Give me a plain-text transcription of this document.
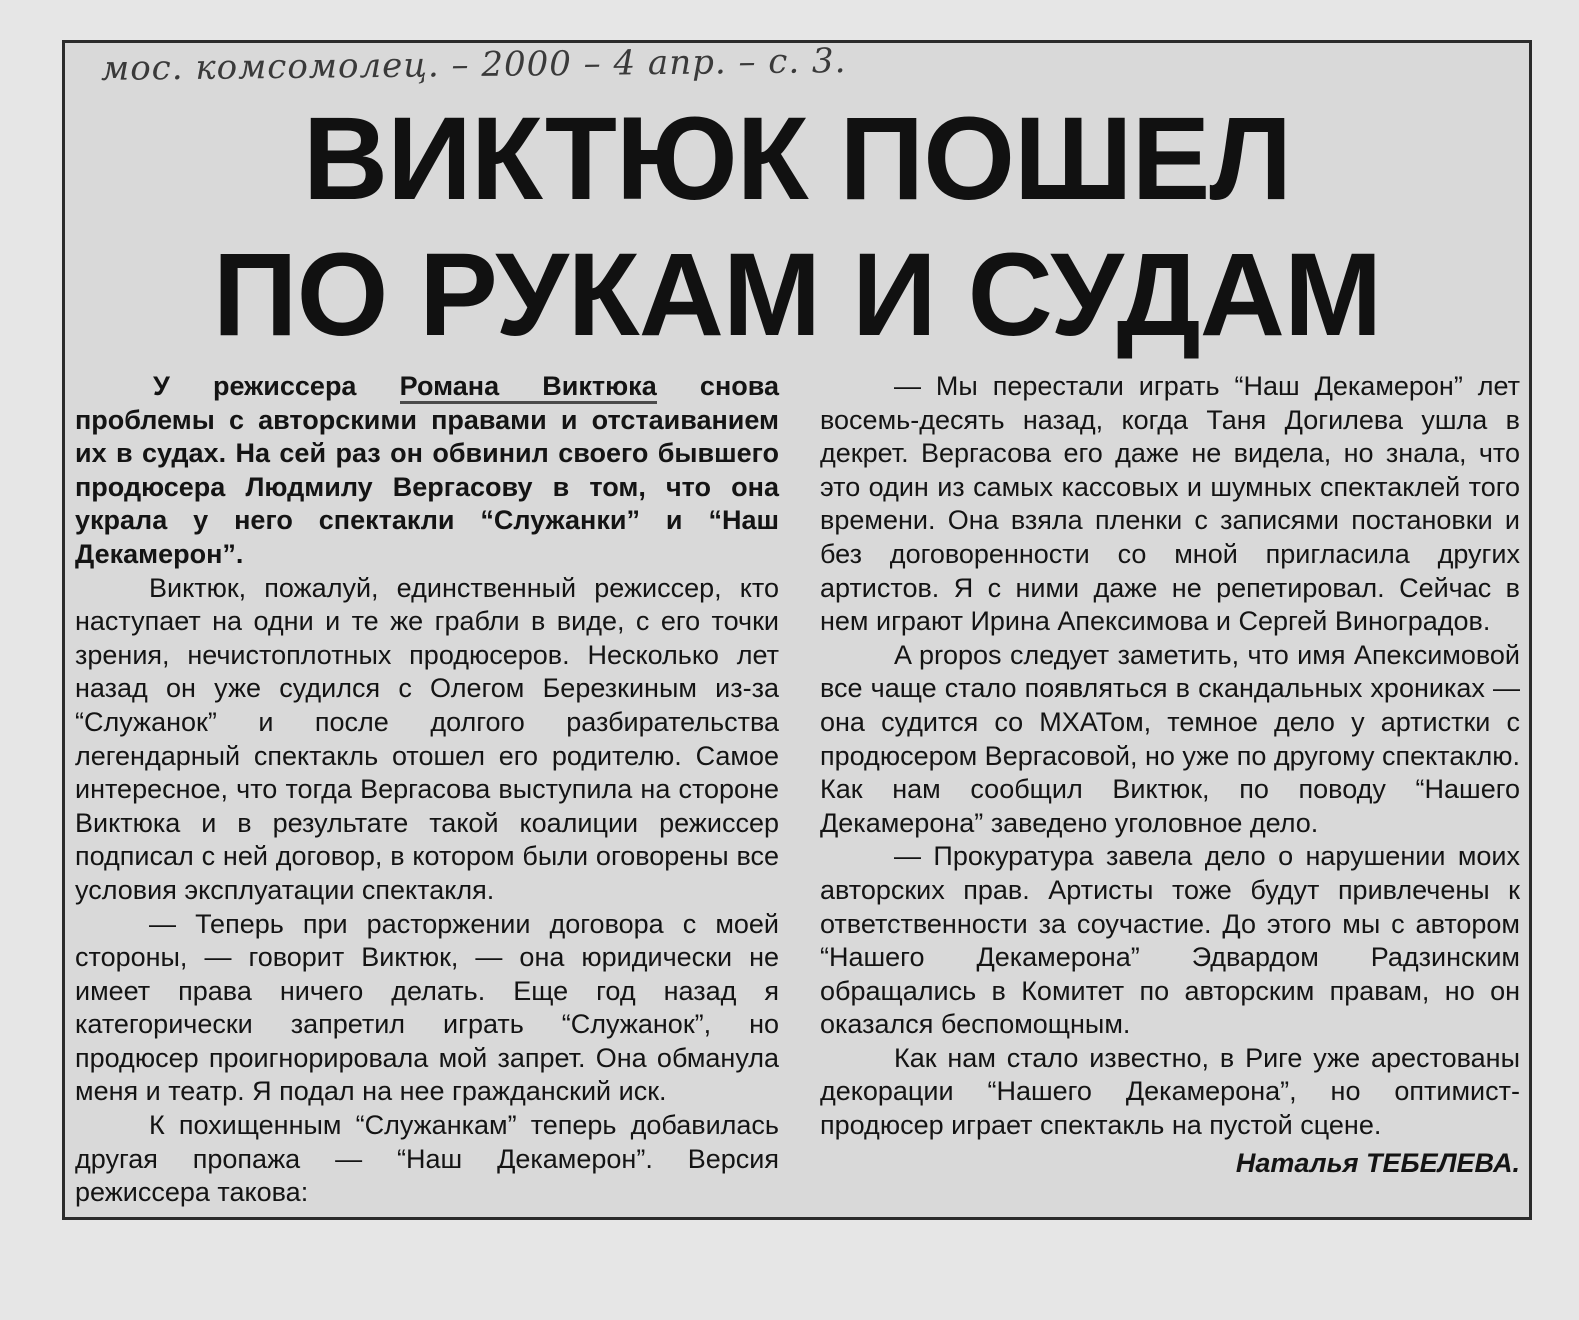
мос. комсомолец. – 2000 – 4 апр. – с. 3.
ВИКТЮК ПОШЕЛ
ПО РУКАМ И СУДАМ

У режиссера Романа Виктюка снова проблемы с авторскими правами и отстаиванием их в судах. На сей раз он обвинил своего бывшего продюсера Людмилу Вергасову в том, что она украла у него спектакли “Служанки” и “Наш Декамерон”.

Виктюк, пожалуй, единственный режиссер, кто наступает на одни и те же грабли в виде, с его точки зрения, нечистоплотных продюсеров. Несколько лет назад он уже судился с Олегом Березкиным из-за “Служанок” и после долгого разбирательства легендарный спектакль отошел его родителю. Самое интересное, что тогда Вергасова выступила на стороне Виктюка и в результате такой коалиции режиссер подписал с ней договор, в котором были оговорены все условия эксплуатации спектакля.

— Теперь при расторжении договора с моей стороны, — говорит Виктюк, — она юридически не имеет права ничего делать. Еще год назад я категорически запретил играть “Служанок”, но продюсер проигнорировала мой запрет. Она обманула меня и театр. Я подал на нее гражданский иск.

К похищенным “Служанкам” теперь добавилась другая пропажа — “Наш Декамерон”. Версия режиссера такова:

— Мы перестали играть “Наш Декамерон” лет восемь-десять назад, когда Таня Догилева ушла в декрет. Вергасова его даже не видела, но знала, что это один из самых кассовых и шумных спектаклей того времени. Она взяла пленки с записями постановки и без договоренности со мной пригласила других артистов. Я с ними даже не репетировал. Сейчас в нем играют Ирина Апексимова и Сергей Виноградов.

A propos следует заметить, что имя Апексимовой все чаще стало появляться в скандальных хрониках — она судится со МХАТом, темное дело у артистки с продюсером Вергасовой, но уже по другому спектаклю. Как нам сообщил Виктюк, по поводу “Нашего Декамерона” заведено уголовное дело.

— Прокуратура завела дело о нарушении моих авторских прав. Артисты тоже будут привлечены к ответственности за соучастие. До этого мы с автором “Нашего Декамерона” Эдвардом Радзинским обращались в Комитет по авторским правам, но он оказался беспомощным.

Как нам стало известно, в Риге уже арестованы декорации “Нашего Декамерона”, но оптимист-продюсер играет спектакль на пустой сцене.

Наталья ТЕБЕЛЕВА.
